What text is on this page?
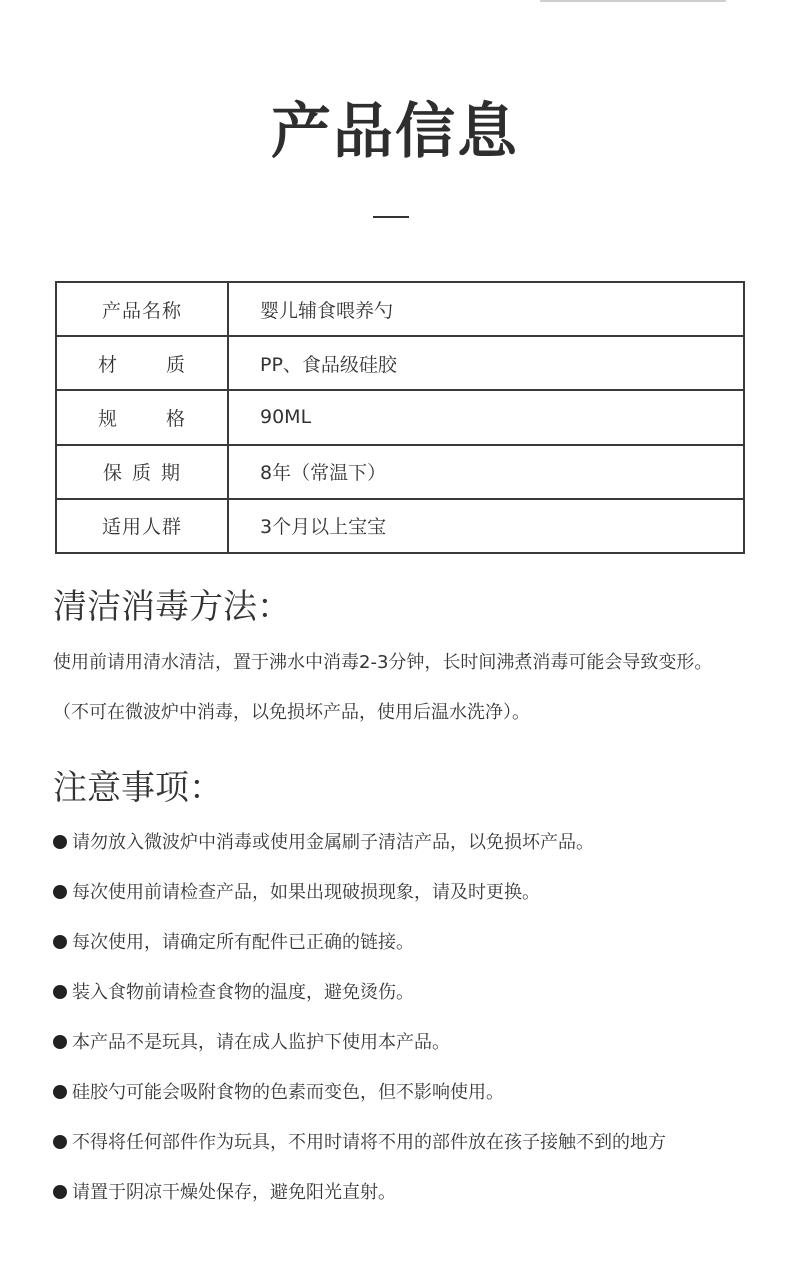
产品信息
产品名称	婴儿辅食喂养勺
材质	PP、食品级硅胶
规格	90ML
保质期	8年（常温下）
适用人群	3个月以上宝宝
清洁消毒方法：
使用前请用清水清洁，置于沸水中消毒2-3分钟，长时间沸煮消毒可能会导致变形。
（不可在微波炉中消毒，以免损坏产品，使用后温水洗净）。
注意事项：
请勿放入微波炉中消毒或使用金属刷子清洁产品，以免损坏产品。
每次使用前请检查产品，如果出现破损现象，请及时更换。
每次使用，请确定所有配件已正确的链接。
装入食物前请检查食物的温度，避免烫伤。
本产品不是玩具，请在成人监护下使用本产品。
硅胶勺可能会吸附食物的色素而变色，但不影响使用。
不得将任何部件作为玩具，不用时请将不用的部件放在孩子接触不到的地方
请置于阴凉干燥处保存，避免阳光直射。
